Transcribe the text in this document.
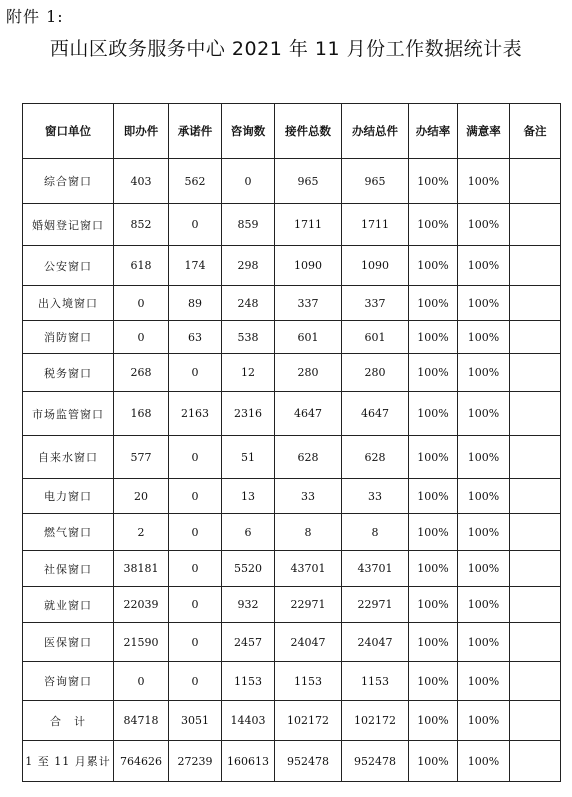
附件 1:
西山区政务服务中心 2021 年 11 月份工作数据统计表
窗口单位	即办件	承诺件	咨询数	接件总数	办结总件	办结率	满意率	备注
综合窗口	403	562	0	965	965	100%	100%	
婚姻登记窗口	852	0	859	1711	1711	100%	100%	
公安窗口	618	174	298	1090	1090	100%	100%	
出入境窗口	0	89	248	337	337	100%	100%	
消防窗口	0	63	538	601	601	100%	100%	
税务窗口	268	0	12	280	280	100%	100%	
市场监管窗口	168	2163	2316	4647	4647	100%	100%	
自来水窗口	577	0	51	628	628	100%	100%	
电力窗口	20	0	13	33	33	100%	100%	
燃气窗口	2	0	6	8	8	100%	100%	
社保窗口	38181	0	5520	43701	43701	100%	100%	
就业窗口	22039	0	932	22971	22971	100%	100%	
医保窗口	21590	0	2457	24047	24047	100%	100%	
咨询窗口	0	0	1153	1153	1153	100%	100%	
合　计	84718	3051	14403	102172	102172	100%	100%	
1 至 11 月累计	764626	27239	160613	952478	952478	100%	100%	
